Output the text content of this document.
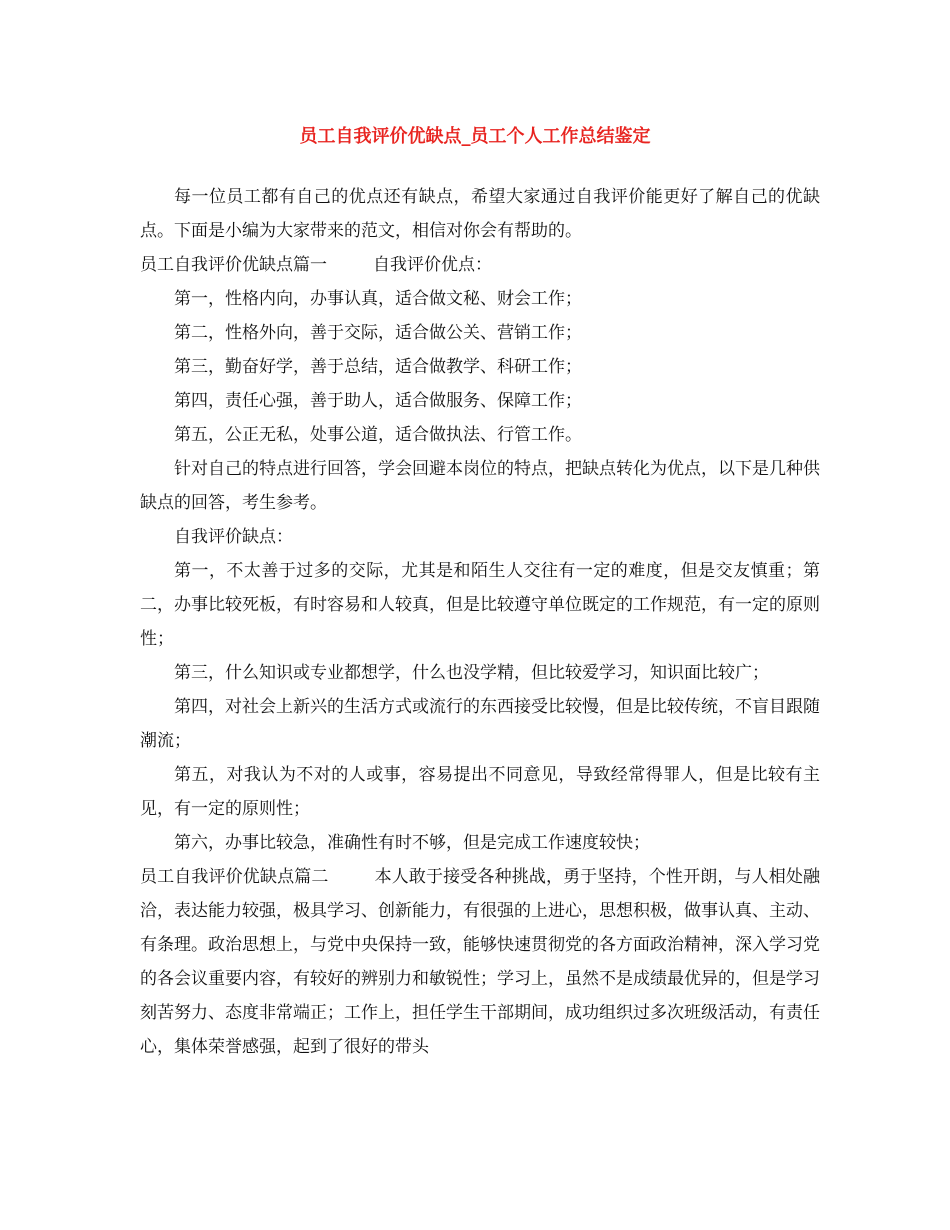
员工自我评价优缺点_员工个人工作总结鉴定

每一位员工都有自己的优点还有缺点，希望大家通过自我评价能更好了解自己的优缺点。下面是小编为大家带来的范文，相信对你会有帮助的。

员工自我评价优缺点篇一	自我评价优点：

第一，性格内向，办事认真，适合做文秘、财会工作；

第二，性格外向，善于交际，适合做公关、营销工作；

第三，勤奋好学，善于总结，适合做教学、科研工作；

第四，责任心强，善于助人，适合做服务、保障工作；

第五，公正无私，处事公道，适合做执法、行管工作。

针对自己的特点进行回答，学会回避本岗位的特点，把缺点转化为优点，以下是几种供缺点的回答，考生参考。

自我评价缺点：

第一，不太善于过多的交际，尤其是和陌生人交往有一定的难度，但是交友慎重；第二，办事比较死板，有时容易和人较真，但是比较遵守单位既定的工作规范，有一定的原则性；

第三，什么知识或专业都想学，什么也没学精，但比较爱学习，知识面比较广；

第四，对社会上新兴的生活方式或流行的东西接受比较慢，但是比较传统，不盲目跟随潮流；

第五，对我认为不对的人或事，容易提出不同意见，导致经常得罪人，但是比较有主见，有一定的原则性；

第六，办事比较急，准确性有时不够，但是完成工作速度较快；

员工自我评价优缺点篇二	本人敢于接受各种挑战，勇于坚持，个性开朗，与人相处融洽，表达能力较强，极具学习、创新能力，有很强的上进心，思想积极，做事认真、主动、有条理。政治思想上，与党中央保持一致，能够快速贯彻党的各方面政治精神，深入学习党的各会议重要内容，有较好的辨别力和敏锐性；学习上，虽然不是成绩最优异的，但是学习刻苦努力、态度非常端正；工作上，担任学生干部期间，成功组织过多次班级活动，有责任心，集体荣誉感强，起到了很好的带头
